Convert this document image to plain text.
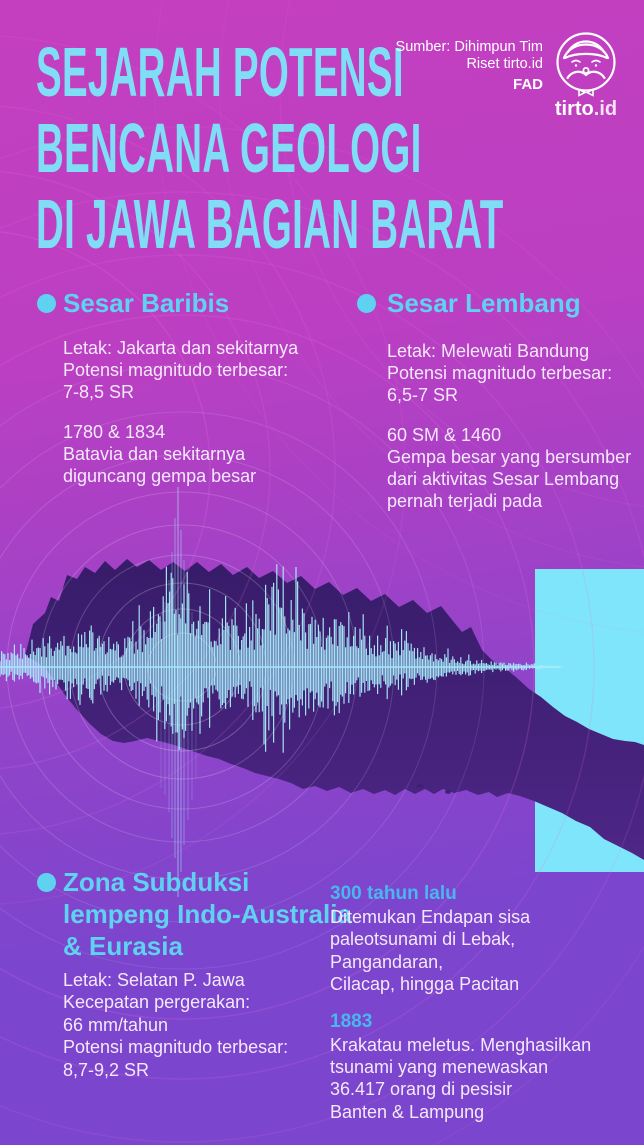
SEJARAH POTENSI
BENCANA GEOLOGI
DI JAWA BAGIAN BARAT
Sumber: Dihimpun Tim
Riset tirto.id
FAD
tirto.id
Sesar Baribis
Letak: Jakarta dan sekitarnya
Potensi magnitudo terbesar:
7-8,5 SR
1780 & 1834
Batavia dan sekitarnya
diguncang gempa besar
Sesar Lembang
Letak: Melewati Bandung
Potensi magnitudo terbesar:
6,5-7 SR
60 SM & 1460
Gempa besar yang bersumber
dari aktivitas Sesar Lembang
pernah terjadi pada
Zona Subduksi
lempeng Indo-Australia
& Eurasia
Letak: Selatan P. Jawa
Kecepatan pergerakan:
66 mm/tahun
Potensi magnitudo terbesar:
8,7-9,2 SR
300 tahun lalu
Ditemukan Endapan sisa
paleotsunami di Lebak, Pangandaran,
Cilacap, hingga Pacitan
1883
Krakatau meletus. Menghasilkan
tsunami yang menewaskan
36.417 orang di pesisir
Banten & Lampung
